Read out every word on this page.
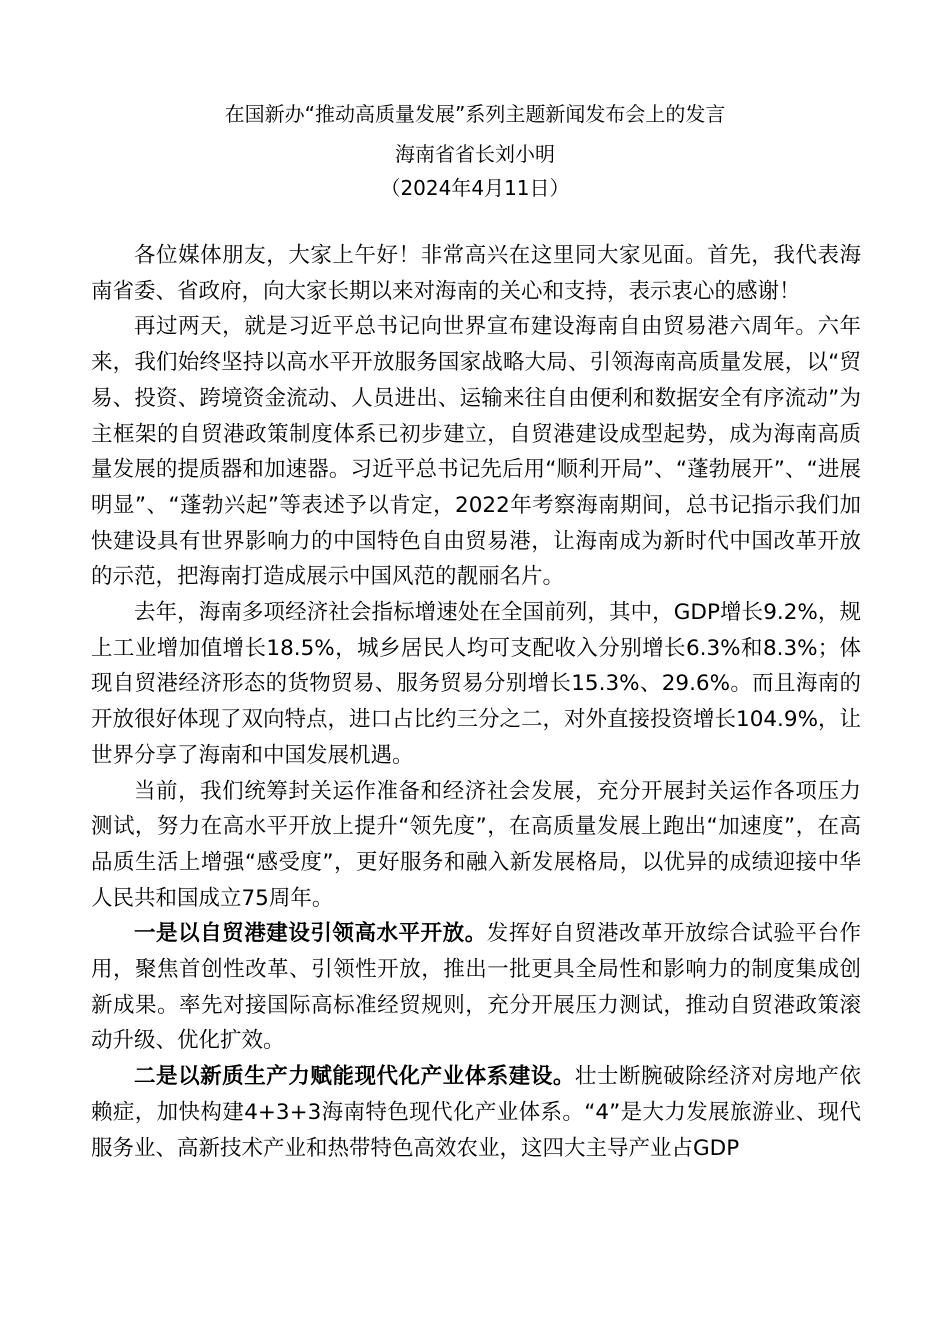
在国新办“推动高质量发展”系列主题新闻发布会上的发言
海南省省长刘小明
（2024年4月11日）

各位媒体朋友，大家上午好！非常高兴在这里同大家见面。首先，我代表海南省委、省政府，向大家长期以来对海南的关心和支持，表示衷心的感谢！

再过两天，就是习近平总书记向世界宣布建设海南自由贸易港六周年。六年来，我们始终坚持以高水平开放服务国家战略大局、引领海南高质量发展，以“贸易、投资、跨境资金流动、人员进出、运输来往自由便利和数据安全有序流动”为主框架的自贸港政策制度体系已初步建立，自贸港建设成型起势，成为海南高质量发展的提质器和加速器。习近平总书记先后用“顺利开局”、“蓬勃展开”、“进展明显”、“蓬勃兴起”等表述予以肯定，2022年考察海南期间，总书记指示我们加快建设具有世界影响力的中国特色自由贸易港，让海南成为新时代中国改革开放的示范，把海南打造成展示中国风范的靓丽名片。

去年，海南多项经济社会指标增速处在全国前列，其中，GDP增长9.2%，规上工业增加值增长18.5%，城乡居民人均可支配收入分别增长6.3%和8.3%；体现自贸港经济形态的货物贸易、服务贸易分别增长15.3%、29.6%。而且海南的开放很好体现了双向特点，进口占比约三分之二，对外直接投资增长104.9%，让世界分享了海南和中国发展机遇。

当前，我们统筹封关运作准备和经济社会发展，充分开展封关运作各项压力测试，努力在高水平开放上提升“领先度”，在高质量发展上跑出“加速度”，在高品质生活上增强“感受度”，更好服务和融入新发展格局，以优异的成绩迎接中华人民共和国成立75周年。

一是以自贸港建设引领高水平开放。发挥好自贸港改革开放综合试验平台作用，聚焦首创性改革、引领性开放，推出一批更具全局性和影响力的制度集成创新成果。率先对接国际高标准经贸规则，充分开展压力测试，推动自贸港政策滚动升级、优化扩效。

二是以新质生产力赋能现代化产业体系建设。壮士断腕破除经济对房地产依赖症，加快构建4+3+3海南特色现代化产业体系。“4”是大力发展旅游业、现代服务业、高新技术产业和热带特色高效农业，这四大主导产业占GDP
